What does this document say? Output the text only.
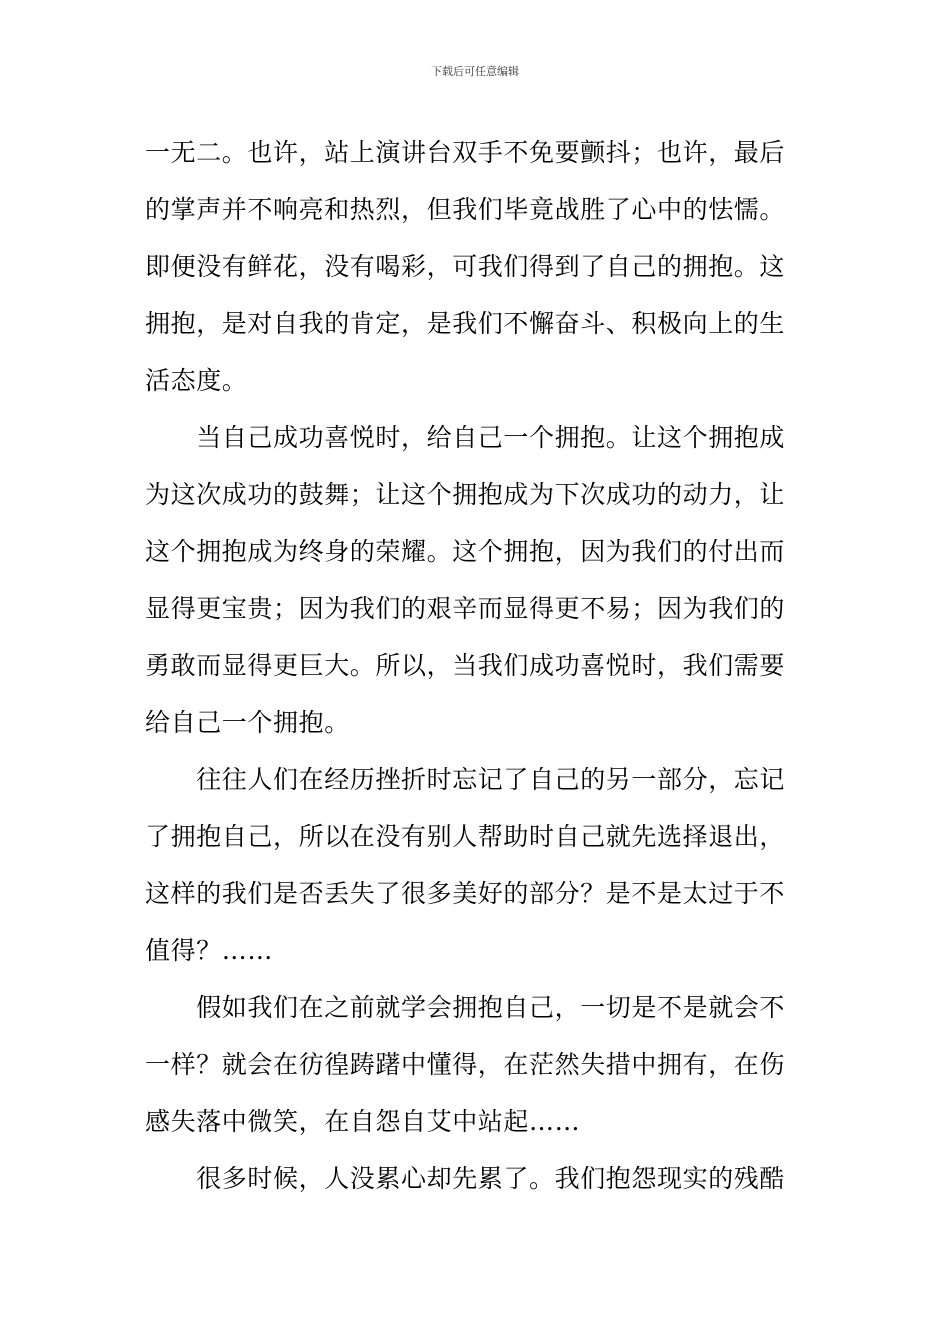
下载后可任意编辑
一无二。也许，站上演讲台双手不免要颤抖；也许，最后
的掌声并不响亮和热烈，但我们毕竟战胜了心中的怯懦。
即便没有鲜花，没有喝彩，可我们得到了自己的拥抱。这
拥抱，是对自我的肯定，是我们不懈奋斗、积极向上的生
活态度。
　　当自己成功喜悦时，给自己一个拥抱。让这个拥抱成
为这次成功的鼓舞；让这个拥抱成为下次成功的动力，让
这个拥抱成为终身的荣耀。这个拥抱，因为我们的付出而
显得更宝贵；因为我们的艰辛而显得更不易；因为我们的
勇敢而显得更巨大。所以，当我们成功喜悦时，我们需要
给自己一个拥抱。
　　往往人们在经历挫折时忘记了自己的另一部分，忘记
了拥抱自己，所以在没有别人帮助时自己就先选择退出，
这样的我们是否丢失了很多美好的部分？是不是太过于不
值得？……
　　假如我们在之前就学会拥抱自己，一切是不是就会不
一样？就会在彷徨踌躇中懂得，在茫然失措中拥有，在伤
感失落中微笑，在自怨自艾中站起……
　　很多时候，人没累心却先累了。我们抱怨现实的残酷
